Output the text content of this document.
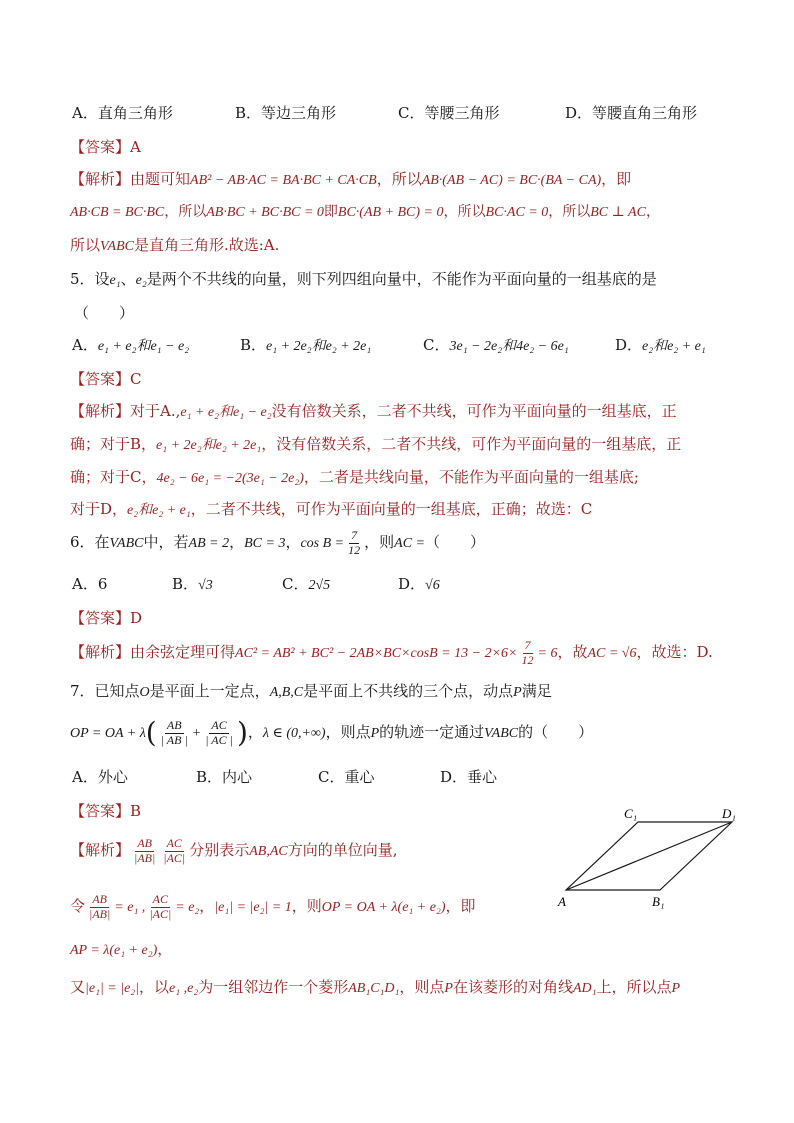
A．直角三角形	B．等边三角形	C．等腰三角形	D．等腰直角三角形
【答案】A
【解析】由题可知AB² − AB·AC = BA·BC + CA·CB，所以AB·(AB − AC) = BC·(BA − CA)，即
AB·CB = BC·BC，所以AB·BC + BC·BC = 0即BC·(AB + BC) = 0，所以BC·AC = 0，所以BC ⊥ AC，
所以VABC是直角三角形.故选:A.
5．设e₁、e₂是两个不共线的向量，则下列四组向量中，不能作为平面向量的一组基底的是
（　　）
A．e₁ + e₂和e₁ − e₂	B．e₁ + 2e₂和e₂ + 2e₁	C．3e₁ − 2e₂和4e₂ − 6e₁	D．e₂和e₂ + e₁
【答案】C
【解析】对于A.,e₁ + e₂和e₁ − e₂没有倍数关系，二者不共线，可作为平面向量的一组基底，正
确；对于B，e₁ + 2e₂和e₂ + 2e₁，没有倍数关系，二者不共线，可作为平面向量的一组基底，正
确；对于C，4e₂ − 6e₁ = −2(3e₁ − 2e₂)，二者是共线向量，不能作为平面向量的一组基底;
对于D，e₂和e₂ + e₁，二者不共线，可作为平面向量的一组基底，正确；故选：C
6．在VABC中，若AB = 2，BC = 3，$\cos B = \frac{7}{12}$ ，则AC =（　　）
A．6	B．√3	C．2√5	D．√6
【答案】D
【解析】由余弦定理可得$AC^2 = AB^2 + BC^2 - 2AB\times BC\times\cos B = 13 - 2\times 6\times \frac{7}{12} = 6$，故AC = √6，故选：D.
7．已知点O是平面上一定点，A,B,C是平面上不共线的三个点，动点P满足
OP = OA + $\lambda( \frac{AB}{| AB |} + \frac{AC}{| AC |}$ )，λ ∈ (0,+∞)，则点P的轨迹一定通过VABC的（　　）
A．外心	B．内心	C．重心	D．垂心
【答案】B
【解析】 $\frac{AB}{|AB|} \frac{AC}{|AC|}$ 分别表示AB,AC方向的单位向量,
令 $\frac{AB}{|AB|} = e_1$ , $\frac{AC}{|AC|} = e_2$，|e₁| = |e₂| = 1，则OP = OA + λ(e₁ + e₂)，即
AP = λ(e₁ + e₂)，
又|e₁| = |e₂|，以e₁ ,e₂为一组邻边作一个菱形AB₁C₁D₁，则点P在该菱形的对角线AD₁上，所以点P
C₁	D₁
A	B₁
